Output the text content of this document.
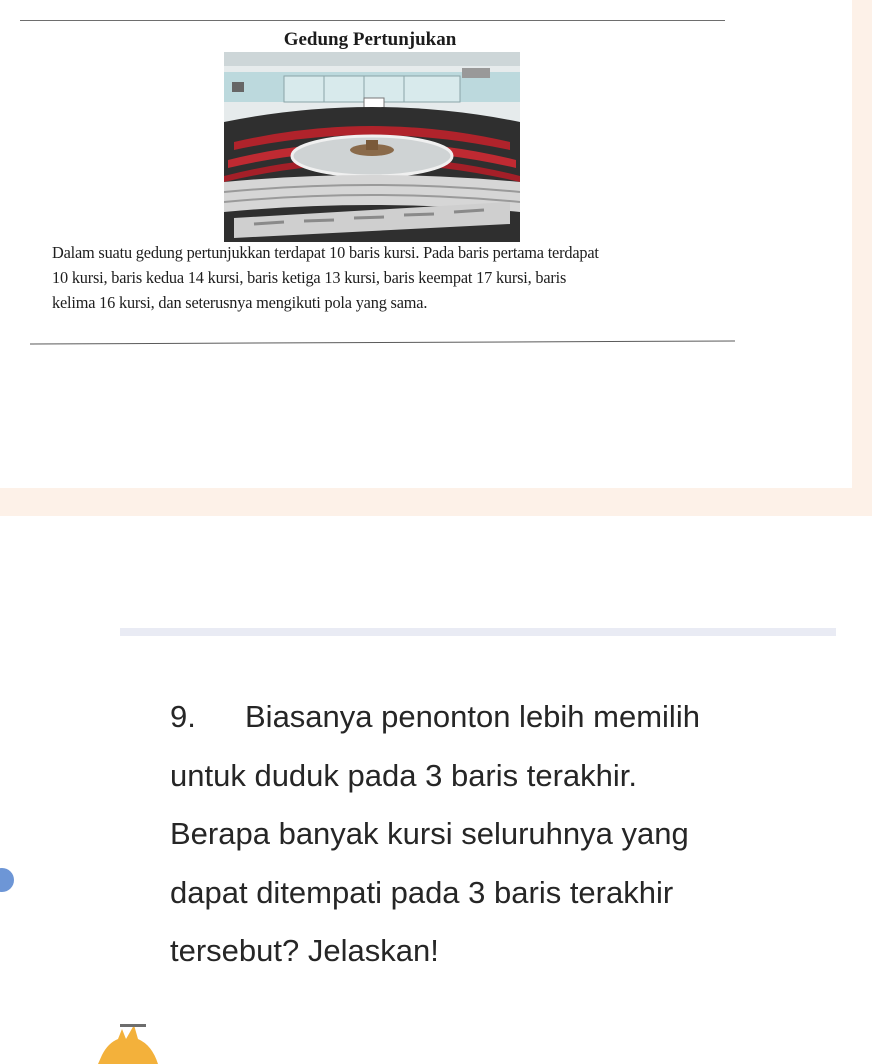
Gedung Pertunjukan
Dalam suatu gedung pertunjukkan terdapat 10 baris kursi. Pada baris pertama terdapat
10 kursi, baris kedua 14 kursi, baris ketiga 13 kursi, baris keempat 17 kursi, baris
kelima 16 kursi, dan seterusnya mengikuti pola yang sama.
9. Biasanya penonton lebih memilih
untuk duduk pada 3 baris terakhir.
Berapa banyak kursi seluruhnya yang
dapat ditempati pada 3 baris terakhir
tersebut? Jelaskan!
